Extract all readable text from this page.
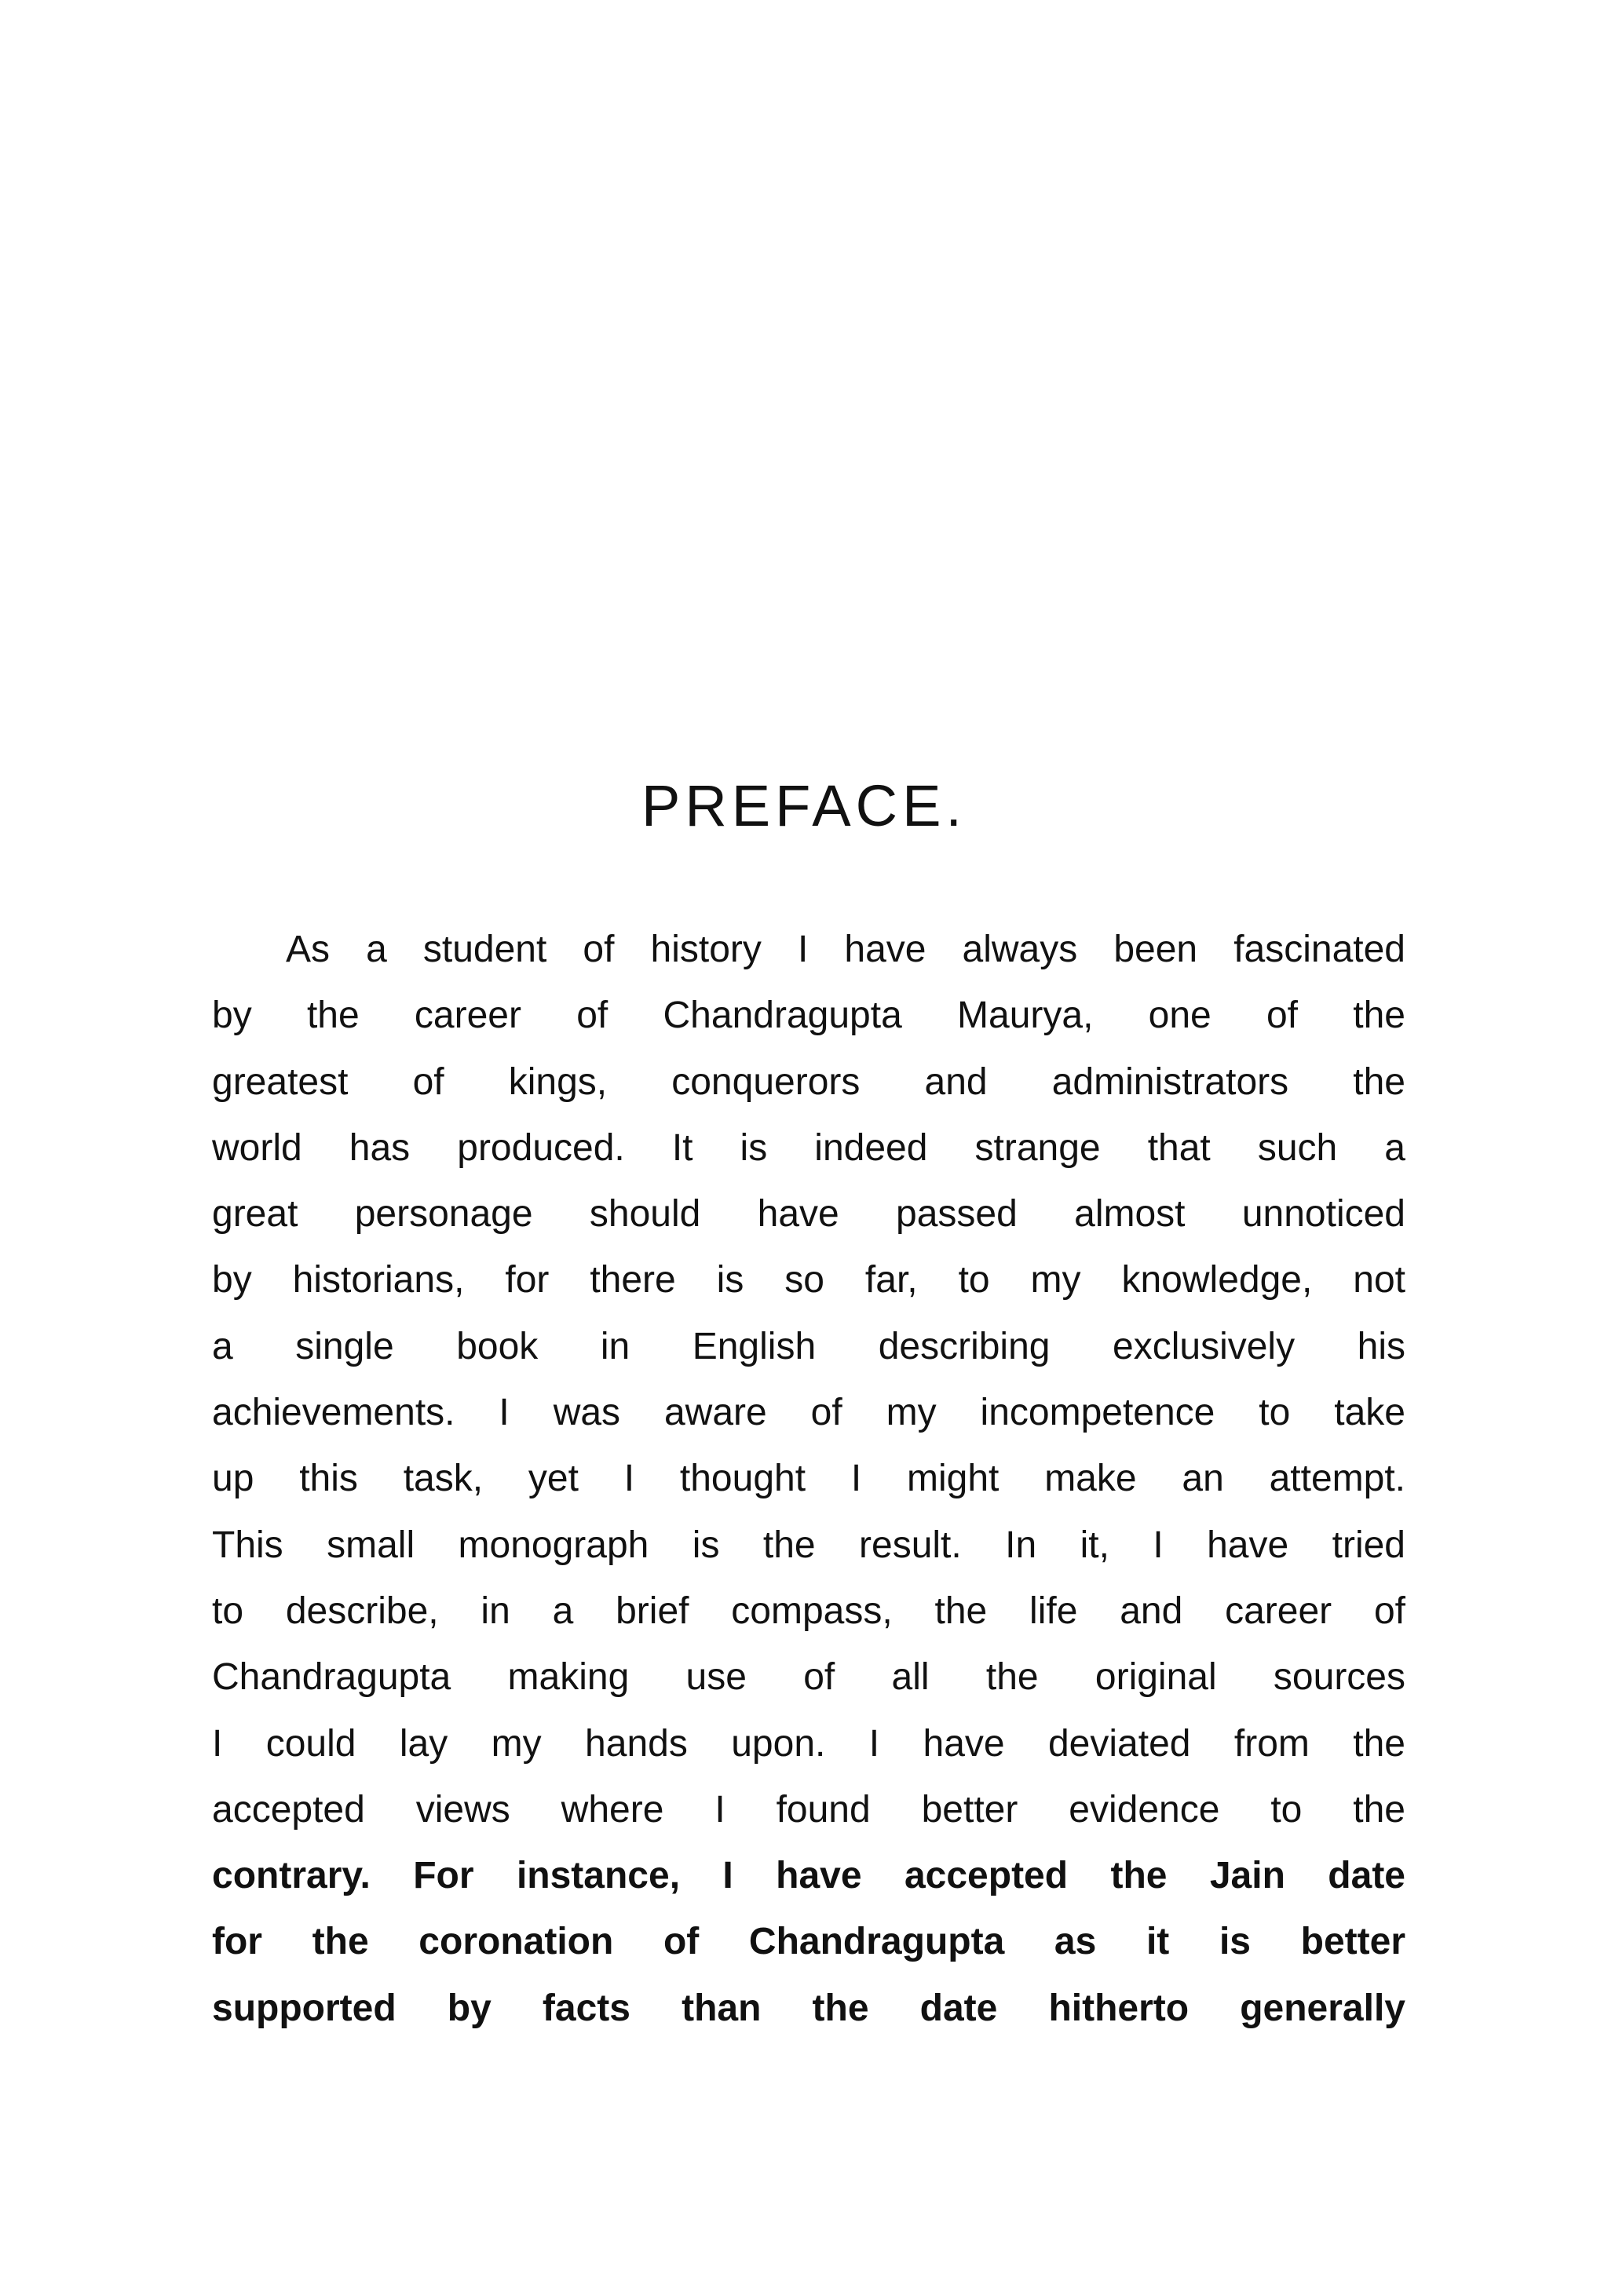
PREFACE.
As a student of history I have always been fascinated
by the career of Chandragupta Maurya, one of the
greatest of kings, conquerors and administrators the
world has produced. It is indeed strange that such a
great personage should have passed almost unnoticed
by historians, for there is so far, to my knowledge, not
a single book in English describing exclusively his
achievements. I was aware of my incompetence to take
up this task, yet I thought I might make an attempt.
This small monograph is the result. In it, I have tried
to describe, in a brief compass, the life and career of
Chandragupta making use of all the original sources
I could lay my hands upon. I have deviated from the
accepted views where I found better evidence to the
contrary. For instance, I have accepted the Jain date
for the coronation of Chandragupta as it is better
supported by facts than the date hitherto generally
